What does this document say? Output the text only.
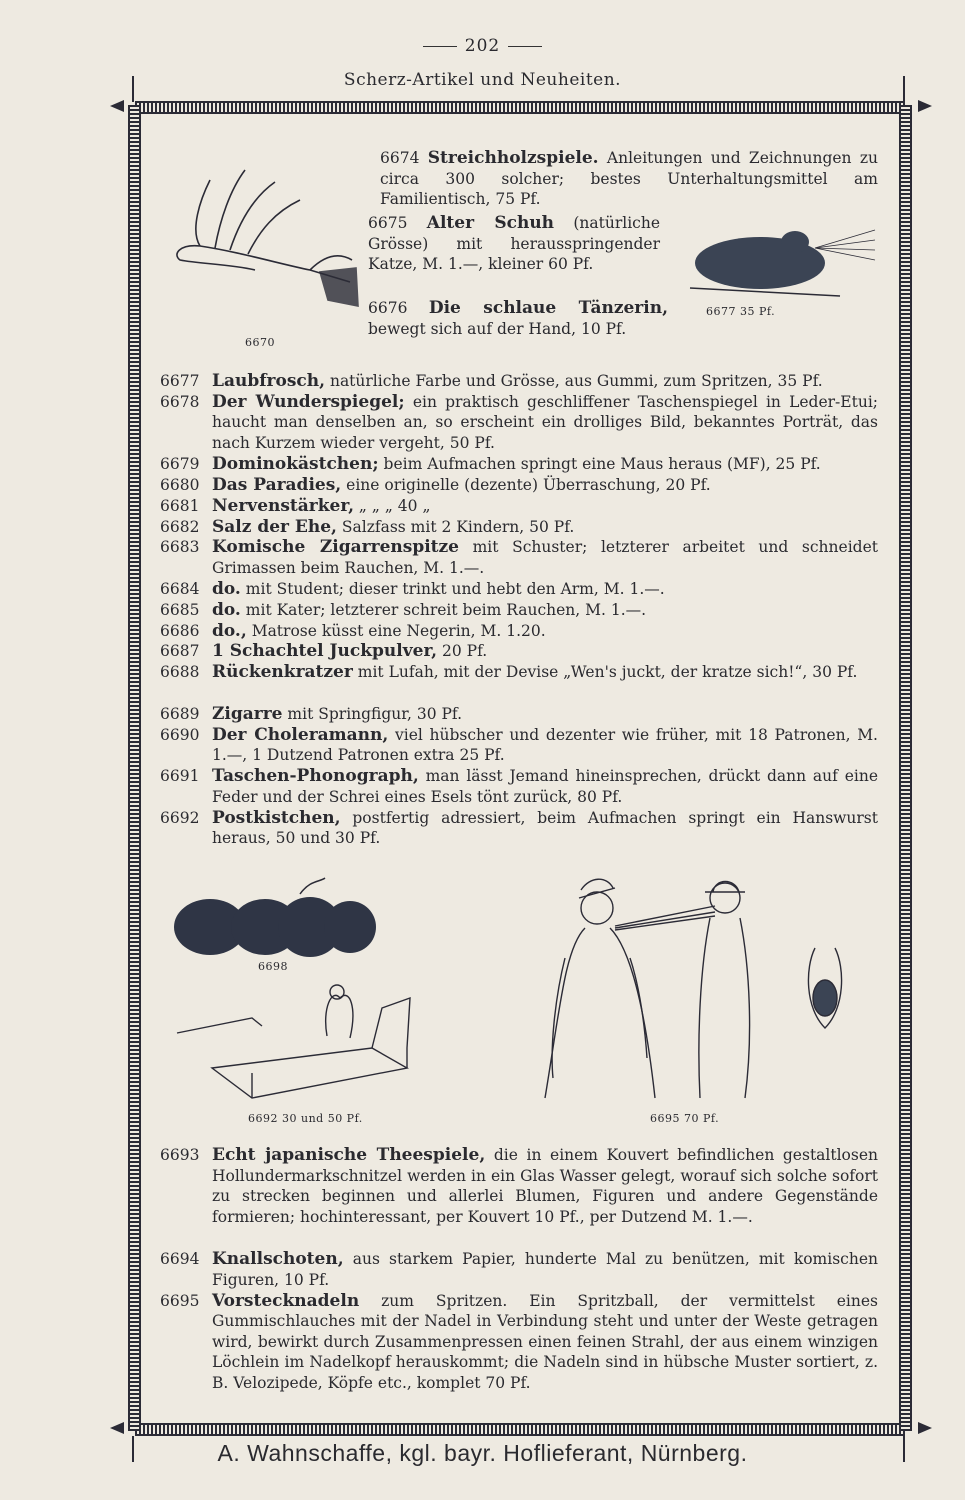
202
Scherz-Artikel und Neuheiten.
6670
6677 35 Pf.
6674 Streichholzspiele. Anleitungen und Zeichnungen zu circa 300 solcher; bestes Unterhaltungsmittel am Familientisch, 75 Pf.
6675 Alter Schuh (natürliche Grösse) mit herausspringender Katze, M. 1.—, kleiner 60 Pf.
6676 Die schlaue Tänzerin, bewegt sich auf der Hand, 10 Pf.
6677 Laubfrosch, natürliche Farbe und Grösse, aus Gummi, zum Spritzen, 35 Pf.
6678 Der Wunderspiegel; ein praktisch geschliffener Taschenspiegel in Leder-Etui; haucht man denselben an, so erscheint ein drolliges Bild, bekanntes Porträt, das nach Kurzem wieder vergeht, 50 Pf.
6679 Dominokästchen; beim Aufmachen springt eine Maus heraus (MF), 25 Pf.
6680 Das Paradies, eine originelle (dezente) Überraschung, 20 Pf.
6681 Nervenstärker, „ „ „ 40 „
6682 Salz der Ehe, Salzfass mit 2 Kindern, 50 Pf.
6683 Komische Zigarrenspitze mit Schuster; letzterer arbeitet und schneidet Grimassen beim Rauchen, M. 1.—.
6684 do. mit Student; dieser trinkt und hebt den Arm, M. 1.—.
6685 do. mit Kater; letzterer schreit beim Rauchen, M. 1.—.
6686 do., Matrose küsst eine Negerin, M. 1.20.
6687 1 Schachtel Juckpulver, 20 Pf.
6688 Rückenkratzer mit Lufah, mit der Devise „Wen's juckt, der kratze sich!“, 30 Pf.
6689 Zigarre mit Springfigur, 30 Pf.
6690 Der Choleramann, viel hübscher und dezenter wie früher, mit 18 Patronen, M. 1.—, 1 Dutzend Patronen extra 25 Pf.
6691 Taschen-Phonograph, man lässt Jemand hineinsprechen, drückt dann auf eine Feder und der Schrei eines Esels tönt zurück, 80 Pf.
6692 Postkistchen, postfertig adressiert, beim Aufmachen springt ein Hanswurst heraus, 50 und 30 Pf.
6698
6692 30 und 50 Pf.	6695 70 Pf.
6693 Echt japanische Theespiele, die in einem Kouvert befindlichen gestaltlosen Hollundermarkschnitzel werden in ein Glas Wasser gelegt, worauf sich solche sofort zu strecken beginnen und allerlei Blumen, Figuren und andere Gegenstände formieren; hochinteressant, per Kouvert 10 Pf., per Dutzend M. 1.—.
6694 Knallschoten, aus starkem Papier, hunderte Mal zu benützen, mit komischen Figuren, 10 Pf.
6695 Vorstecknadeln zum Spritzen. Ein Spritzball, der vermittelst eines Gummischlauches mit der Nadel in Verbindung steht und unter der Weste getragen wird, bewirkt durch Zusammenpressen einen feinen Strahl, der aus einem winzigen Löchlein im Nadelkopf herauskommt; die Nadeln sind in hübsche Muster sortiert, z. B. Velozipede, Köpfe etc., komplet 70 Pf.
A. Wahnschaffe, kgl. bayr. Hoflieferant, Nürnberg.
